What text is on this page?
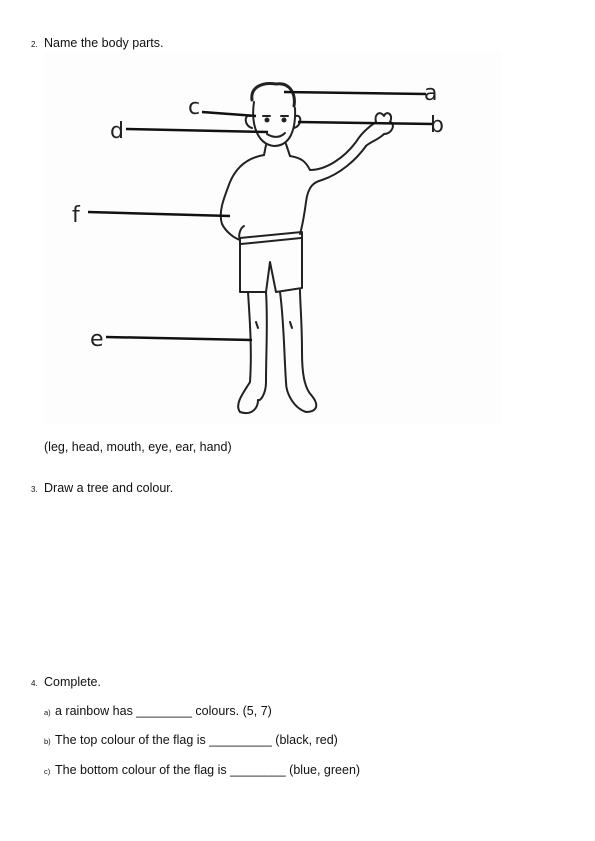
2. Name the body parts.
a
b
c
d
e
f
(leg, head, mouth, eye, ear, hand)
3. Draw a tree and colour.
4. Complete.
a) a rainbow has ________ colours. (5, 7)
b) The top colour of the flag is _________ (black, red)
c) The bottom colour of the flag is ________ (blue, green)
